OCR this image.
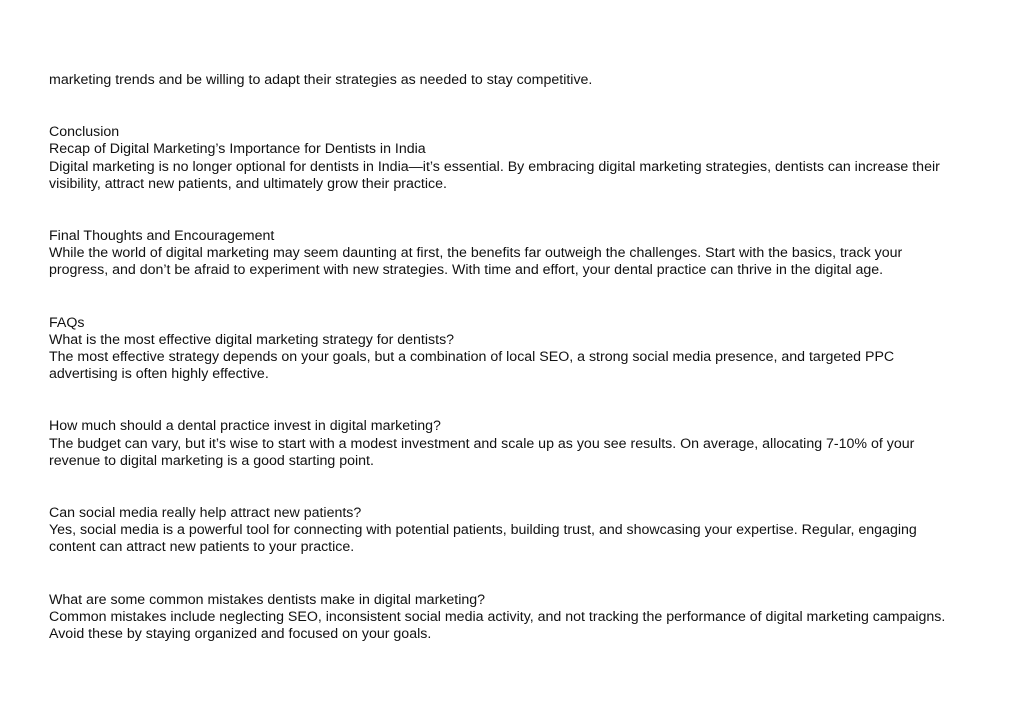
marketing trends and be willing to adapt their strategies as needed to stay competitive.

Conclusion
Recap of Digital Marketing’s Importance for Dentists in India
Digital marketing is no longer optional for dentists in India—it’s essential. By embracing digital marketing strategies, dentists can increase their
visibility, attract new patients, and ultimately grow their practice.
Final Thoughts and Encouragement
While the world of digital marketing may seem daunting at first, the benefits far outweigh the challenges. Start with the basics, track your
progress, and don’t be afraid to experiment with new strategies. With time and effort, your dental practice can thrive in the digital age.
FAQs
What is the most effective digital marketing strategy for dentists?
The most effective strategy depends on your goals, but a combination of local SEO, a strong social media presence, and targeted PPC
advertising is often highly effective.
How much should a dental practice invest in digital marketing?
The budget can vary, but it’s wise to start with a modest investment and scale up as you see results. On average, allocating 7-10% of your
revenue to digital marketing is a good starting point.
Can social media really help attract new patients?
Yes, social media is a powerful tool for connecting with potential patients, building trust, and showcasing your expertise. Regular, engaging
content can attract new patients to your practice.
What are some common mistakes dentists make in digital marketing?
Common mistakes include neglecting SEO, inconsistent social media activity, and not tracking the performance of digital marketing campaigns.
Avoid these by staying organized and focused on your goals.
